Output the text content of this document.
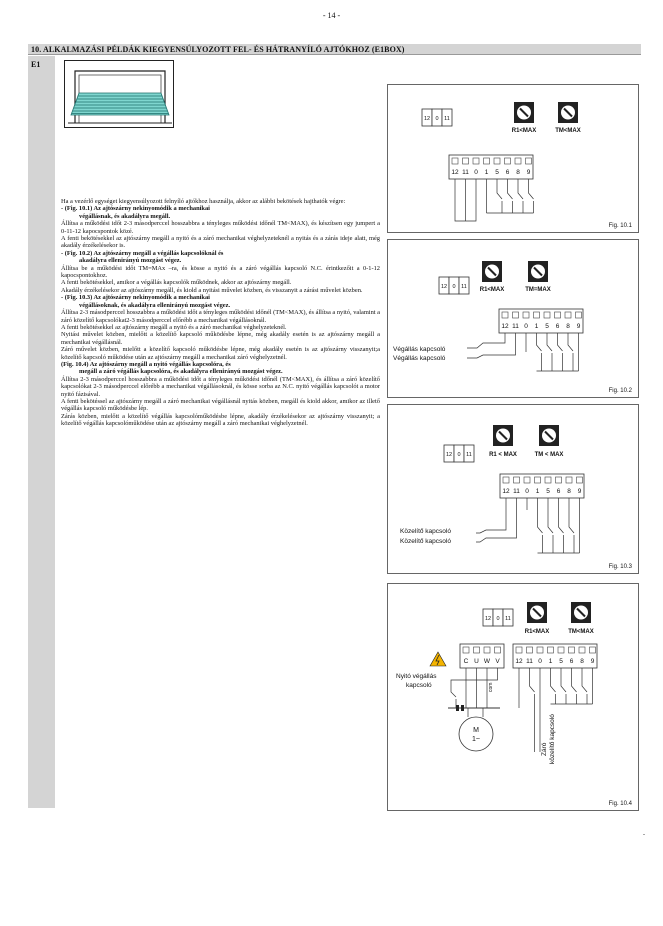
- 14 -
10. ALKALMAZÁSI PÉLDÁK KIEGYENSÚLYOZOTT FEL- ÉS HÁTRANYÍLÓ AJTÓKHOZ (E1BOX)
E1

Ha a vezérlő egységet kiegyensúlyozott felnyíló ajtókhoz használja, akkor az alábbi bekötések hajthatók végre:

- (Fig. 10.1) Az ajtószárny nekinyomódik a mechanikai

végállásnak, és akadályra megáll.

Állítsa a működési időt 2-3 másodperccel hosszabbra a tényleges működési időnél TM<MAX), és készítsen egy jumpert a 0-11-12 kapocspontok közé.

A fenti bekötésekkel az ajtószárny megáll a nyitó és a záró mechanikai véghelyzeteknél a nyitás és a zárás ideje alatt, még akadály érzékelésekor is.

- (Fig. 10.2) Az ajtószárny megáll a végállás kapcsolóknál és

akadályra ellenirányú mozgást végez.

Állítsa be a működési időt TM=MAx –ra, és kösse a nyitó és a záró végállás kapcsoló N.C. érintkezőit a 0-1-12 kapocspontokhoz.

A fenti bekötésekkel, amikor a végállás kapcsolók működnek, akkor az ajtószárny megáll.

Akadály érzékelésekor az ajtószárny megáll, és kiold a nyitási művelet közben, és visszanyit a zárási művelet közben.

- (Fig. 10.3) Az ajtószárny nekinyomódik a mechanikai

végállásoknak, és akadályra ellenirányú mozgást végez.

Állítsa 2-3 másodperccel hosszabbra a működési időt a tényleges működési időnél (TM<MAX), és állítsa a nyitó, valamint a záró közelítő kapcsolókat2-3 másodperccel előrébb a mechanikai végállásoknál.

A fenti bekötésekkel az ajtószárny megáll a nyitó és a záró mechanikai véghelyzeteknél.

Nyitási művelet közben, mielőtt a közelítő kapcsoló működésbe lépne, még akadály esetén is az ajtószárny megáll a mechanikai végállásnál.

Záró művelet közben, mielőtt a közelítő kapcsoló működésbe lépne, még akadály esetén is az ajtószárny visszanyit;a közelítő kapcsoló működése után az ajtószárny megáll a mechanikai záró véghelyzetnél.

(Fig. 10.4) Az ajtószárny megáll a nyitó végállás kapcsolóra, és

megáll a záró végállás kapcsolóra, és akadályra ellenirányú mozgást végez.

Állítsa 2-3 másodperccel hosszabbra a működési időt a tényleges működési időnél (TM<MAX), és állítsa a záró közelítő kapcsolókat 2-3 másodperccel előrébb a mechanikai végállásoknál, és kösse sorba az N.C. nyitó végállás kapcsolót a motor nyitó fázisával.

A fenti bekötéssel az ajtószárny megáll a záró mechanikai végállásnál nyitás közben, megáll és kiold akkor, amikor az illető végállás kapcsoló működésbe lép.

Zárás közben, mielőtt a közelítő végállás kapcsolóműködésbe lépne, akadály érzékelésekor az ajtószárny visszanyit; a közelítő végállás kapcsolóműködése után az ajtószárny megáll a záró mechanikai véghelyzetnél.

12 0 11
R1<MAX	TM<MAX
12 11 0 1 5 6 8 9
Fig. 10.1
12 0 11 R1<MAX	TM=MAX
12 11 0 1 5 6 8 9
Végállás kapcsoló
Végállás kapcsoló
Fig. 10.2
12 0 11	R1 < MAX	TM < MAX
12 11 0 1 5 6 8 9
Közelítő kapcsoló
Közelítő kapcsoló
Fig. 10.3
12 0 11
R1<MAX	TM<MAX
C U W V 12 11 0 1 5 6 8 9
Nyitó végállás
kapcsoló	com
M
1~
Záró közelítő kapcsoló
Fig. 10.4
.
